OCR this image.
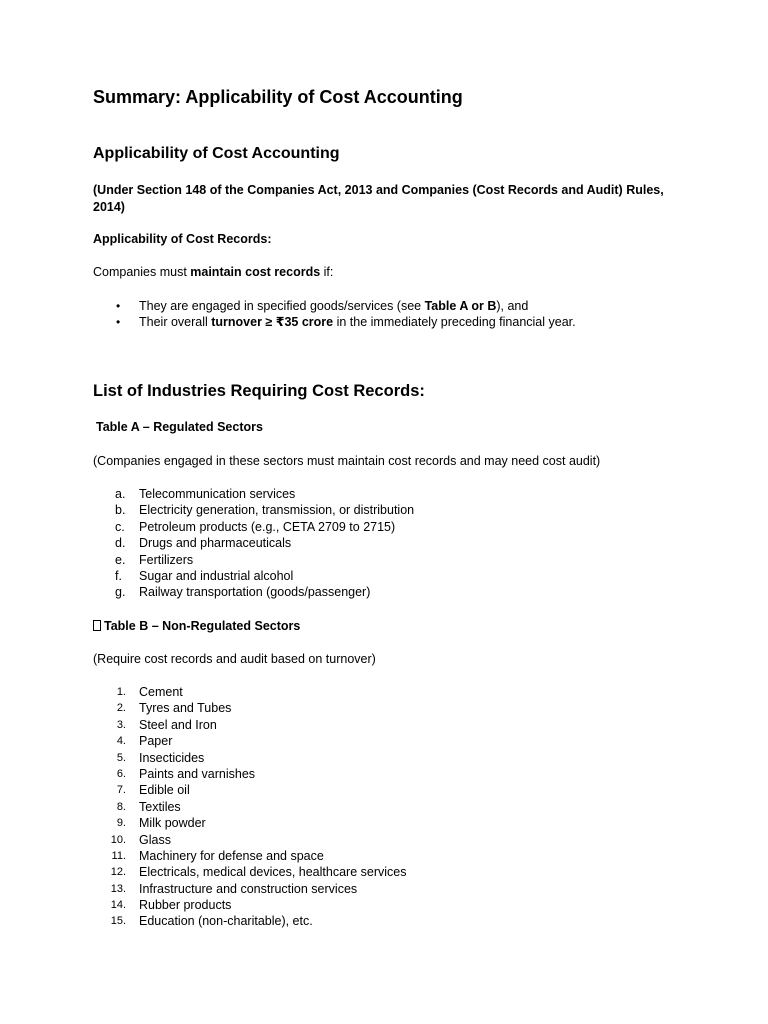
Summary: Applicability of Cost Accounting
Applicability of Cost Accounting
(Under Section 148 of the Companies Act, 2013 and Companies (Cost Records and Audit) Rules, 2014)
Applicability of Cost Records:
Companies must maintain cost records if:
• They are engaged in specified goods/services (see Table A or B), and
• Their overall turnover ≥ ₹35 crore in the immediately preceding financial year.
List of Industries Requiring Cost Records:
Table A – Regulated Sectors
(Companies engaged in these sectors must maintain cost records and may need cost audit)
a. Telecommunication services
b. Electricity generation, transmission, or distribution
c. Petroleum products (e.g., CETA 2709 to 2715)
d. Drugs and pharmaceuticals
e. Fertilizers
f. Sugar and industrial alcohol
g. Railway transportation (goods/passenger)
Table B – Non-Regulated Sectors
(Require cost records and audit based on turnover)
1. Cement
2. Tyres and Tubes
3. Steel and Iron
4. Paper
5. Insecticides
6. Paints and varnishes
7. Edible oil
8. Textiles
9. Milk powder
10. Glass
11. Machinery for defense and space
12. Electricals, medical devices, healthcare services
13. Infrastructure and construction services
14. Rubber products
15. Education (non-charitable), etc.
